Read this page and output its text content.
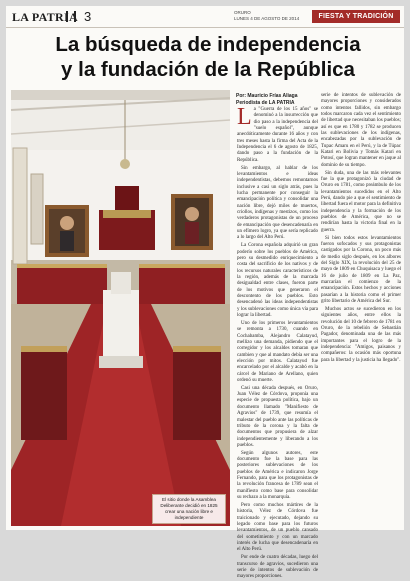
LA PATRIA 3	ORURO
LUNES 4 DE AGOSTO DE 2014	FIESTA Y TRADICIÓN
La búsqueda de independencia
y la fundación de la República
El sitio donde la Asamblea Deliberante decidió en 1825 crear una nación libre e independiente
Por: Mauricio Frías Aliaga
Periodista de LA PATRIA

La "Guerra de los 15 años" se denominó a la insurrección que dio paso a la independencia del "suelo español", aunque anecdóticamente durante 16 años y con tres meses hasta la firma del Acta de la Independencia el 6 de agosto de 1825, dando paso a la fundación de la República.

Sin embargo, al hablar de los levantamientos e ideas independentistas, debemos remontarnos inclusive a casi un siglo atrás, pues la lucha permanente por conseguir la emancipación política y consolidar una nación libre, dejó miles de muertos, criollos, indígenas y mestizos, como los verdaderos protagonistas de un proceso de emancipación que desencadenaría en un efímero logro, ya que sería replicado a lo largo del Alto Perú.

La Corona española adquirió un gran poderío sobre los pueblos de América, pero su desmedido enriquecimiento a costa del sacrificio de los nativos y de los recursos naturales característicos de la región, además de la marcada desigualdad entre clases, fueron parte de los motivos que generaron el descontento de los pueblos. Esto desencadenó las ideas independentistas y los sublevaciones como única vía para lograr la libertad.

Uno de los primeros levantamientos se remonta a 1730, cuando en Cochabamba, Alejandro Calatayud, mellizo una demanda, pidiendo que el corregidor y los alcaldes tomaran que cambien y que al mandato debía ser una elección por mitos. Calatayud fue encarcelado por el alcalde y acabó en la cárcel de Mariano de Arellano, quien ordenó su muerte.

Casi una década después, en Oruro, Juan Vélez de Córdova, proponía una especie de propuesta política, bajo un documento llamado "Manifiesto de Agravios" de 1739, que resumía el malestar del pueblo ante las políticas de tributo de la corona y la falta de documentos que propusiera de alzar independientemente y liberando a los pueblos.

Según algunos autores, este documento fue la base para las posteriores sublevaciones de los pueblos de América e indicaron Jorge Fernando, para que los protagonistas de la revolución francesa de 1789 sean el manifiesto como base para consolidar su rechazo a la monarquía.

Pero como muchos mártires de la historia, Vélez de Córdova fue traicionado y ejecutado, dejando su legado como base para los futuros levantamientos, de un pueblo cansado del sometimiento y con un marcado interés de lucha que desencadenaría en el Alto Perú.

Por ende de cuatro décadas, luego del transcurso de agravios, sucedieron una serie de intentos de sublevación de mayores proporciones.

serie de intentos de sublevación de mayores proporciones y considerados como intentos fallidos, sin embargo todos marcaron cada vez el sentimiento de libertad que necesitaban los pueblos; así es que en 1780 y 1782 se producen las sublevaciones de los indígenas, encabezadas por la sublevación de Tupac Amaru en el Perú, y la de Túpac Katari en Bolivia y Tomás Katari en Potosí, que logran mantener en jaque al dominio de su tiempo.

Sin duda, una de las más relevantes fue la que protagonizó la ciudad de Oruro en 1781, como preámbulo de los levantamientos sucedidos en el Alto Perú, dando pie a que el sentimiento de libertad fuera el motor para la definitiva independencia y la formación de los pueblos de América, que no se rendirían hasta la victoria final en la guerra.

Si bien todos estos levantamientos fueron sofocados y sus protagonistas castigados por la Corona, un poco más de medio siglo después, en los albores del Siglo XIX, la revolución del 25 de mayo de 1809 en Chuquisaca y luego el 16 de julio de 1809 en La Paz, marcarían el comienzo de la emancipación. Estos hechos y acciones pasarían a la historia como el primer grito libertario de América del Sur.

Muchos actos se sucedieron en los siguientes años, entre ellos la revolución del 10 de febrero de 1781 en Oruro, de la rebelión de Sebastián Pagador, denominada una de las más importantes para el logro de la independencia: "Amigos, paisanos y compañeros: la ocasión más oportuna para la libertad y la justicia ha llegado".
